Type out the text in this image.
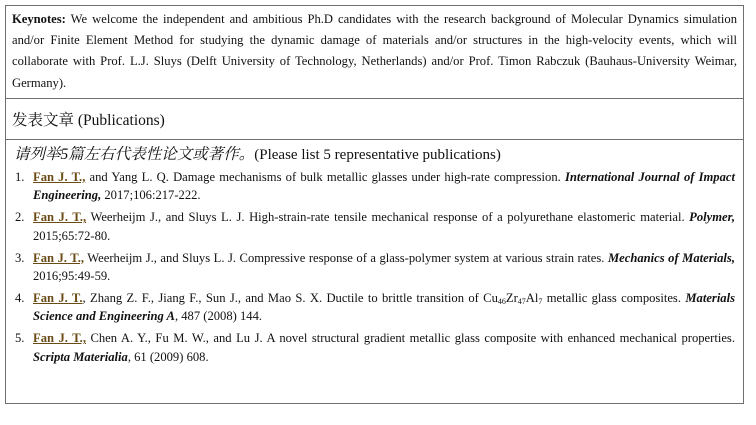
Keynotes: We welcome the independent and ambitious Ph.D candidates with the research background of Molecular Dynamics simulation and/or Finite Element Method for studying the dynamic damage of materials and/or structures in the high-velocity events, which will collaborate with Prof. L.J. Sluys (Delft University of Technology, Netherlands) and/or Prof. Timon Rabczuk (Bauhaus-University Weimar, Germany).
发表文章 (Publications)
请列举5篇左右代表性论文或著作。(Please list 5 representative publications)
1. Fan J. T., and Yang L. Q. Damage mechanisms of bulk metallic glasses under high-rate compression. International Journal of Impact Engineering, 2017;106:217-222.
2. Fan J. T., Weerheijm J., and Sluys L. J. High-strain-rate tensile mechanical response of a polyurethane elastomeric material. Polymer, 2015;65:72-80.
3. Fan J. T., Weerheijm J., and Sluys L. J. Compressive response of a glass-polymer system at various strain rates. Mechanics of Materials, 2016;95:49-59.
4. Fan J. T., Zhang Z. F., Jiang F., Sun J., and Mao S. X. Ductile to brittle transition of $Cu_{46}Zr_{47}Al_7$ metallic glass composites. Materials Science and Engineering A, 487 (2008) 144.
5. Fan J. T., Chen A. Y., Fu M. W., and Lu J. A novel structural gradient metallic glass composite with enhanced mechanical properties. Scripta Materialia, 61 (2009) 608.
